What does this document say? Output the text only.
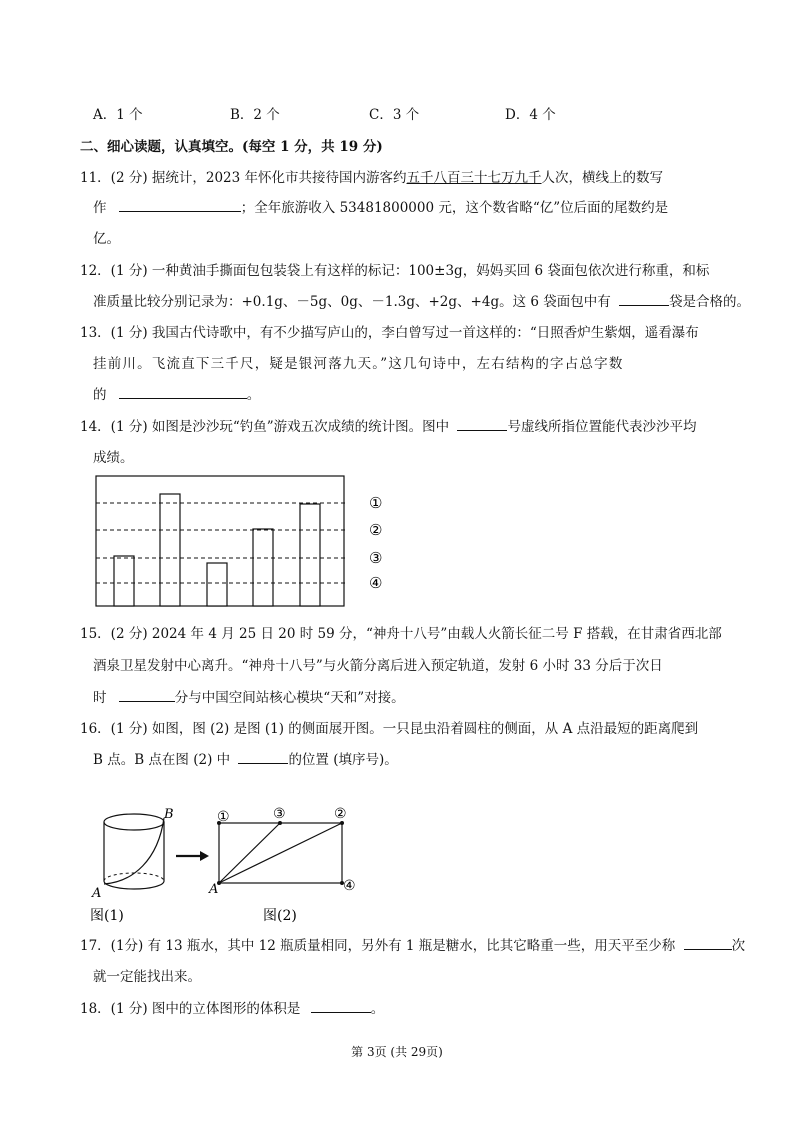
A．1 个	B．2 个	C．3 个	D．4 个
二、细心读题，认真填空。(每空 1 分，共 19 分)
11．(2 分) 据统计，2023 年怀化市共接待国内游客约五千八百三十七万九千人次，横线上的数写
作	；全年旅游收入 53481800000 元，这个数省略“亿”位后面的尾数约是
亿。
12．(1 分) 一种黄油手撕面包包装袋上有这样的标记：100±3g，妈妈买回 6 袋面包依次进行称重，和标
准质量比较分别记录为：+0.1g、－5g、0g、－1.3g、+2g、+4g。这 6 袋面包中有	袋是合格的。
13．(1 分) 我国古代诗歌中，有不少描写庐山的，李白曾写过一首这样的：“日照香炉生紫烟，遥看瀑布
挂前川。飞流直下三千尺，疑是银河落九天。”这几句诗中，左右结构的字占总字数
的	。
14．(1 分) 如图是沙沙玩“钓鱼”游戏五次成绩的统计图。图中	号虚线所指位置能代表沙沙平均
成绩。
①
②
③
④
15．(2 分) 2024 年 4 月 25 日 20 时 59 分，“神舟十八号”由载人火箭长征二号 F 搭载，在甘肃省西北部
酒泉卫星发射中心离升。“神舟十八号”与火箭分离后进入预定轨道，发射 6 小时 33 分后于次日
时	分与中国空间站核心模块“天和”对接。
16．(1 分) 如图，图 (2) 是图 (1) 的侧面展开图。一只昆虫沿着圆柱的侧面，从 A 点沿最短的距离爬到
B 点。B 点在图 (2) 中	的位置 (填序号)。
A
B
图(1)
①	③	②
④
A
图(2)
17．(1分) 有 13 瓶水，其中 12 瓶质量相同，另外有 1 瓶是糖水，比其它略重一些，用天平至少称	次
就一定能找出来。
18．(1 分) 图中的立体图形的体积是	。
第 3页 (共 29页)
